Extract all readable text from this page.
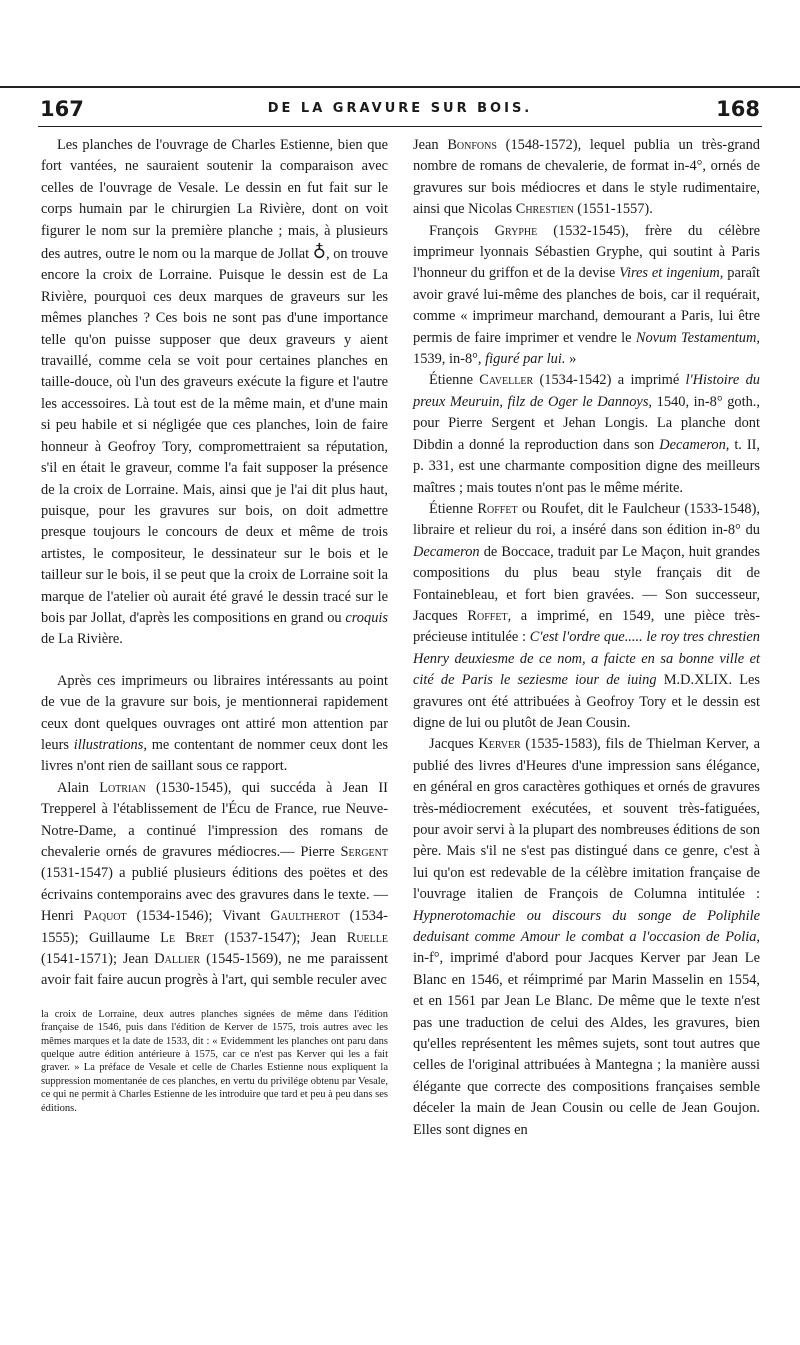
167	DE LA GRAVURE SUR BOIS.	168

Les planches de l'ouvrage de Charles Estienne, bien que fort vantées, ne sauraient soutenir la comparaison avec celles de l'ouvrage de Vesale. Le dessin en fut fait sur le corps humain par le chirurgien La Rivière, dont on voit figurer le nom sur la première planche ; mais, à plusieurs des autres, outre le nom ou la marque de Jollat ♁, on trouve encore la croix de Lorraine. Puisque le dessin est de La Rivière, pourquoi ces deux marques de graveurs sur les mêmes planches ? Ces bois ne sont pas d'une importance telle qu'on puisse supposer que deux graveurs y aient travaillé, comme cela se voit pour certaines planches en taille-douce, où l'un des graveurs exécute la figure et l'autre les accessoires. Là tout est de la même main, et d'une main si peu habile et si négligée que ces planches, loin de faire honneur à Geofroy Tory, compromettraient sa réputation, s'il en était le graveur, comme l'a fait supposer la présence de la croix de Lorraine. Mais, ainsi que je l'ai dit plus haut, puisque, pour les gravures sur bois, on doit admettre presque toujours le concours de deux et même de trois artistes, le compositeur, le dessinateur sur le bois et le tailleur sur le bois, il se peut que la croix de Lorraine soit la marque de l'atelier où aurait été gravé le dessin tracé sur le bois par Jollat, d'après les compositions en grand ou croquis de La Rivière.

Après ces imprimeurs ou libraires intéressants au point de vue de la gravure sur bois, je mentionnerai rapidement ceux dont quelques ouvrages ont attiré mon attention par leurs illustrations, me contentant de nommer ceux dont les livres n'ont rien de saillant sous ce rapport.

Alain Lotrian (1530-1545), qui succéda à Jean II Trepperel à l'établissement de l'Écu de France, rue Neuve-Notre-Dame, a continué l'impression des romans de chevalerie ornés de gravures médiocres.— Pierre Sergent (1531-1547) a publié plusieurs éditions des poëtes et des écrivains contemporains avec des gravures dans le texte. — Henri Paquot (1534-1546); Vivant Gaultherot (1534-1555); Guillaume Le Bret (1537-1547); Jean Ruelle (1541-1571); Jean Dallier (1545-1569), ne me paraissent avoir fait faire aucun progrès à l'art, qui semble reculer avec

la croix de Lorraine, deux autres planches signées de même dans l'édition française de 1546, puis dans l'édition de Kerver de 1575, trois autres avec les mêmes marques et la date de 1533, dit : « Evidemment les planches ont paru dans quelque autre édition antérieure à 1575, car ce n'est pas Kerver qui les a fait graver. » La préface de Vesale et celle de Charles Estienne nous expliquent la suppression momentanée de ces planches, en vertu du privilége obtenu par Vesale, ce qui ne permit à Charles Estienne de les introduire que tard et peu à peu dans ses éditions.

Jean Bonfons (1548-1572), lequel publia un très-grand nombre de romans de chevalerie, de format in-4°, ornés de gravures sur bois médiocres et dans le style rudimentaire, ainsi que Nicolas Chrestien (1551-1557).

François Gryphe (1532-1545), frère du célèbre imprimeur lyonnais Sébastien Gryphe, qui soutint à Paris l'honneur du griffon et de la devise Vires et ingenium, paraît avoir gravé lui-même des planches de bois, car il requérait, comme « imprimeur marchand, demourant a Paris, lui être permis de faire imprimer et vendre le Novum Testamentum, 1539, in-8°, figuré par lui. »

Étienne Caveller (1534-1542) a imprimé l'Histoire du preux Meuruin, filz de Oger le Dannoys, 1540, in-8° goth., pour Pierre Sergent et Jehan Longis. La planche dont Dibdin a donné la reproduction dans son Decameron, t. II, p. 331, est une charmante composition digne des meilleurs maîtres ; mais toutes n'ont pas le même mérite.

Étienne Roffet ou Roufet, dit le Faulcheur (1533-1548), libraire et relieur du roi, a inséré dans son édition in-8° du Decameron de Boccace, traduit par Le Maçon, huit grandes compositions du plus beau style français dit de Fontainebleau, et fort bien gravées. — Son successeur, Jacques Roffet, a imprimé, en 1549, une pièce très-précieuse intitulée : C'est l'ordre que..... le roy tres chrestien Henry deuxiesme de ce nom, a faicte en sa bonne ville et cité de Paris le seziesme iour de iuing M.D.XLIX. Les gravures ont été attribuées à Geofroy Tory et le dessin est digne de lui ou plutôt de Jean Cousin.

Jacques Kerver (1535-1583), fils de Thielman Kerver, a publié des livres d'Heures d'une impression sans élégance, en général en gros caractères gothiques et ornés de gravures très-médiocrement exécutées, et souvent très-fatiguées, pour avoir servi à la plupart des nombreuses éditions de son père. Mais s'il ne s'est pas distingué dans ce genre, c'est à lui qu'on est redevable de la célèbre imitation française de l'ouvrage italien de François de Columna intitulée : Hypnerotomachie ou discours du songe de Poliphile deduisant comme Amour le combat a l'occasion de Polia, in-f°, imprimé d'abord pour Jacques Kerver par Jean Le Blanc en 1546, et réimprimé par Marin Masselin en 1554, et en 1561 par Jean Le Blanc. De même que le texte n'est pas une traduction de celui des Aldes, les gravures, bien qu'elles représentent les mêmes sujets, sont tout autres que celles de l'original attribuées à Mantegna ; la manière aussi élégante que correcte des compositions françaises semble déceler la main de Jean Cousin ou celle de Jean Goujon. Elles sont dignes en
